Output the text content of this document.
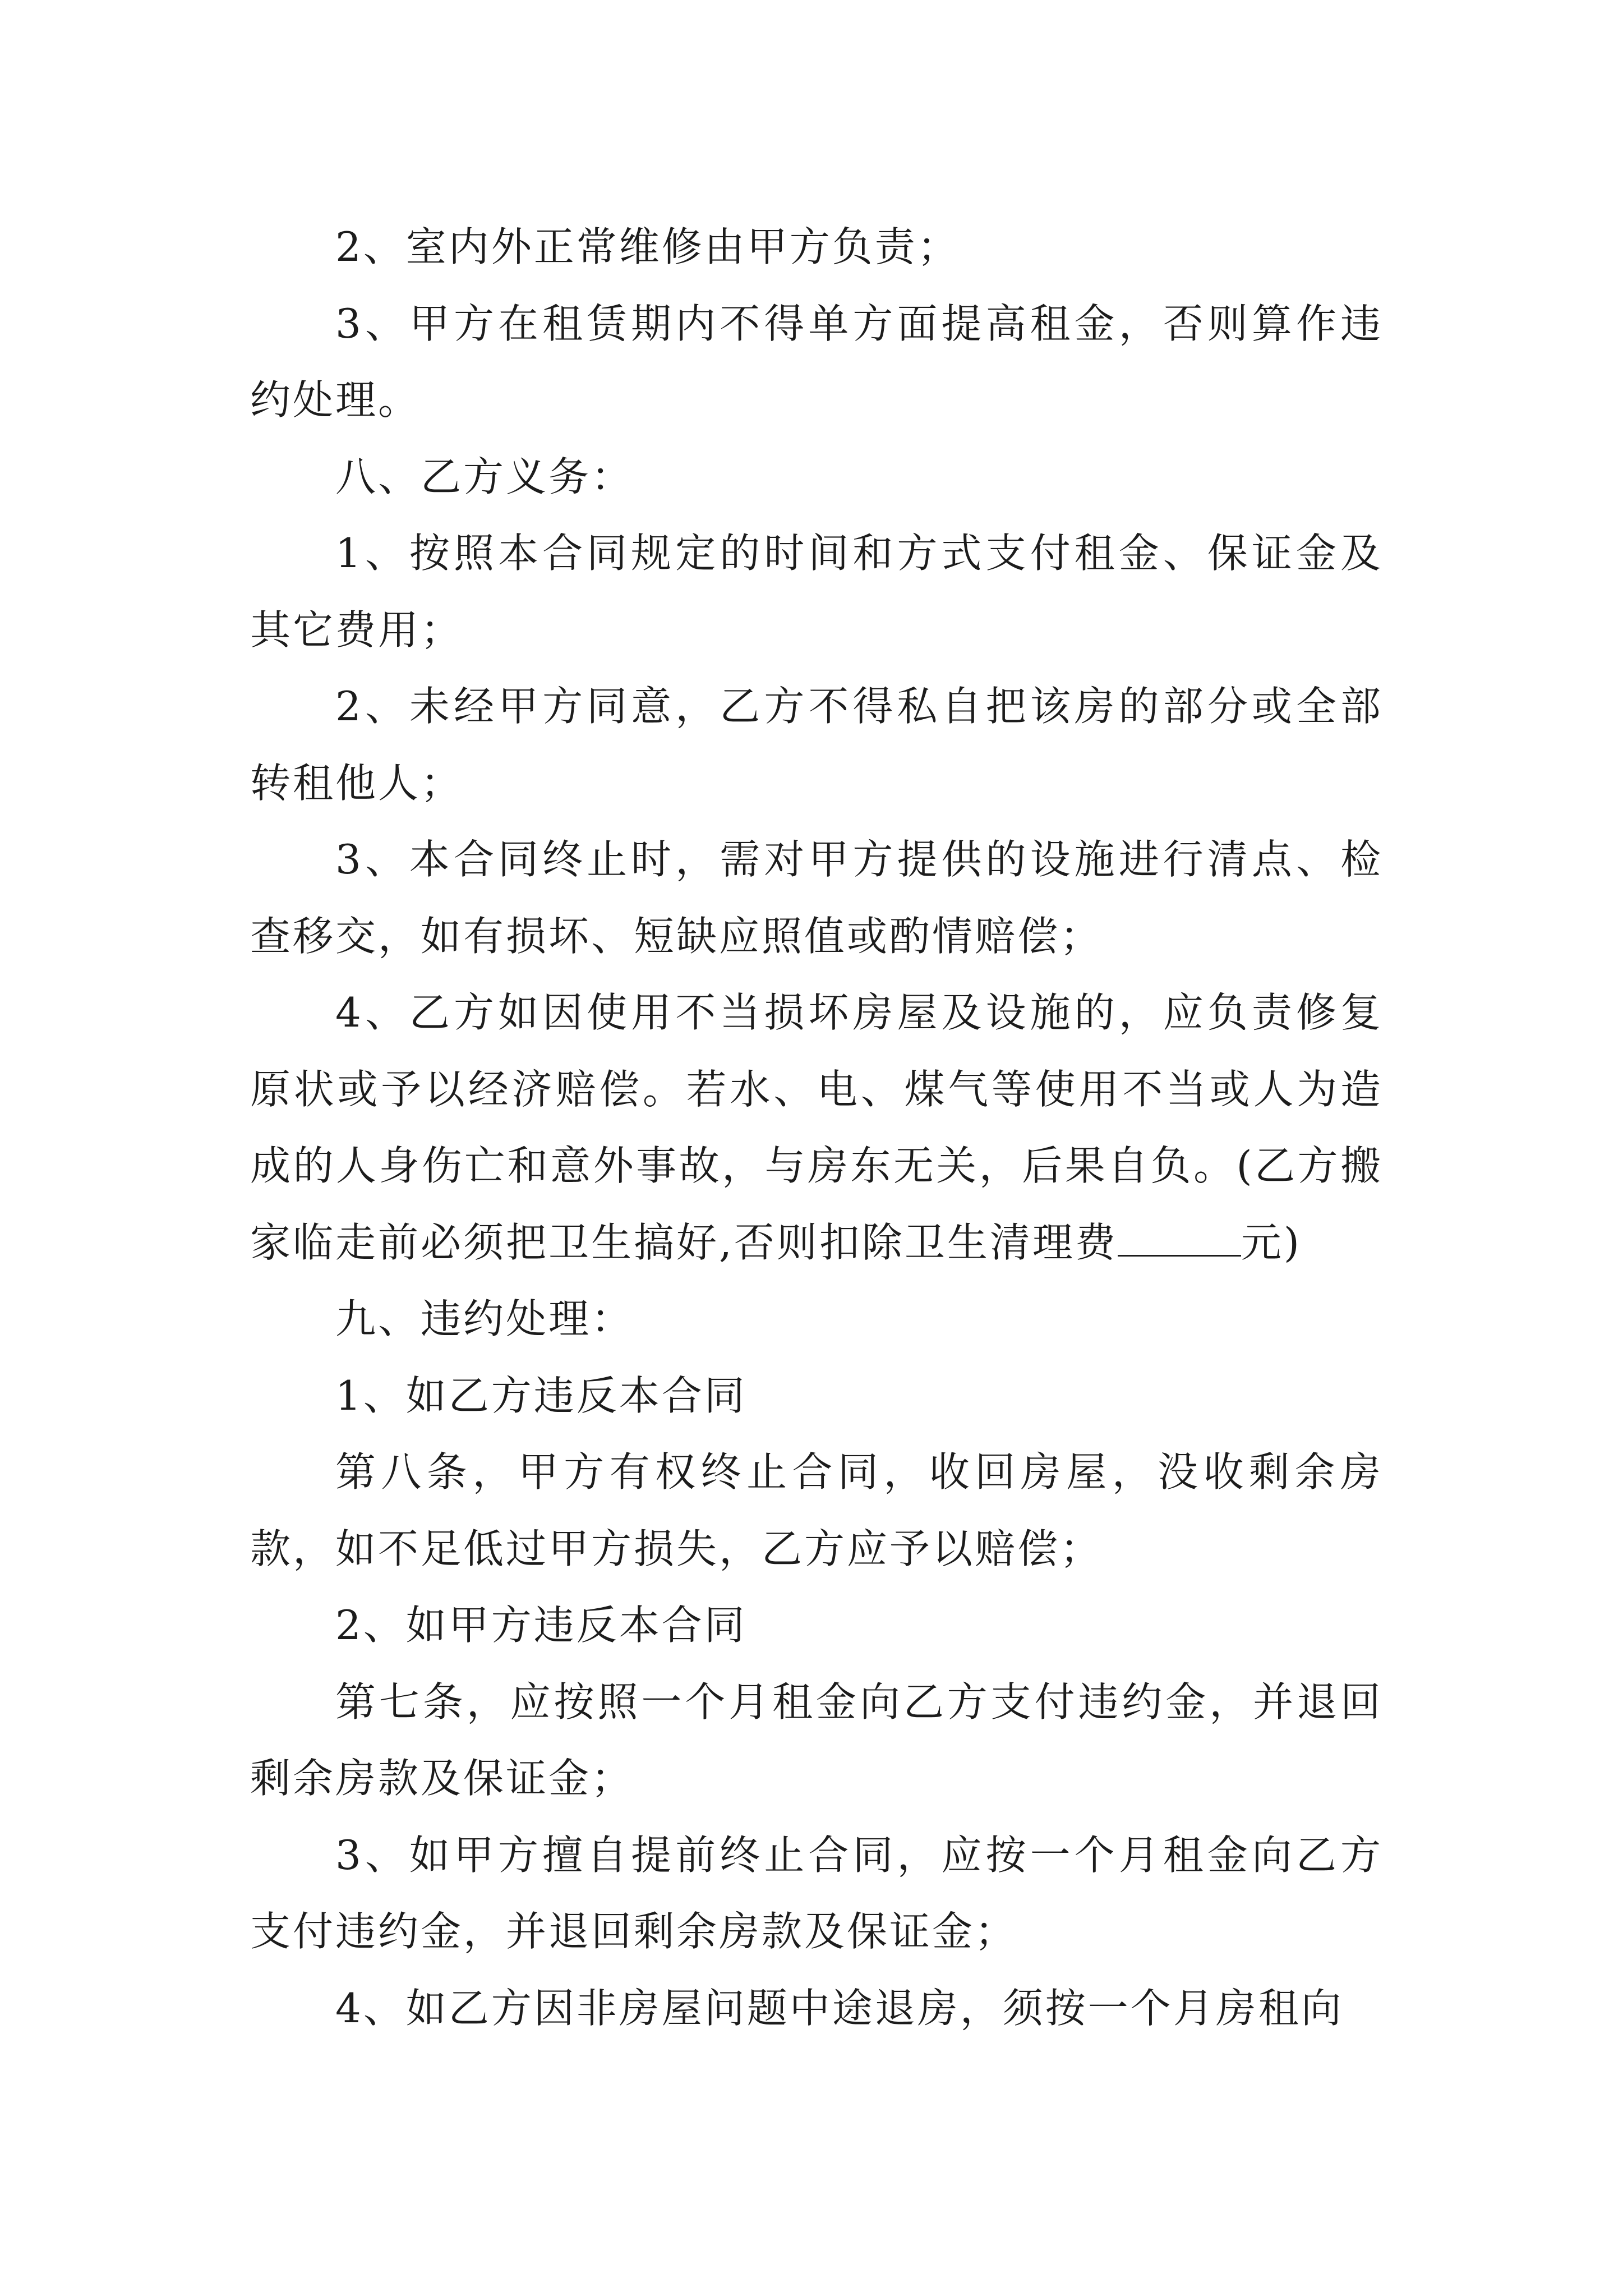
2、室内外正常维修由甲方负责；

3、甲方在租赁期内不得单方面提高租金，否则算作违约处理。

八、乙方义务：

1、按照本合同规定的时间和方式支付租金、保证金及其它费用；

2、未经甲方同意，乙方不得私自把该房的部分或全部转租他人；

3、本合同终止时，需对甲方提供的设施进行清点、检查移交，如有损坏、短缺应照值或酌情赔偿；

4、乙方如因使用不当损坏房屋及设施的，应负责修复原状或予以经济赔偿。若水、电、煤气等使用不当或人为造成的人身伤亡和意外事故，与房东无关，后果自负。(乙方搬家临走前必须把卫生搞好,否则扣除卫生清理费	元)

九、违约处理：

1、如乙方违反本合同

第八条，甲方有权终止合同，收回房屋，没收剩余房款，如不足低过甲方损失，乙方应予以赔偿；

2、如甲方违反本合同

第七条，应按照一个月租金向乙方支付违约金，并退回剩余房款及保证金；

3、如甲方擅自提前终止合同，应按一个月租金向乙方支付违约金，并退回剩余房款及保证金；

4、如乙方因非房屋问题中途退房，须按一个月房租向
